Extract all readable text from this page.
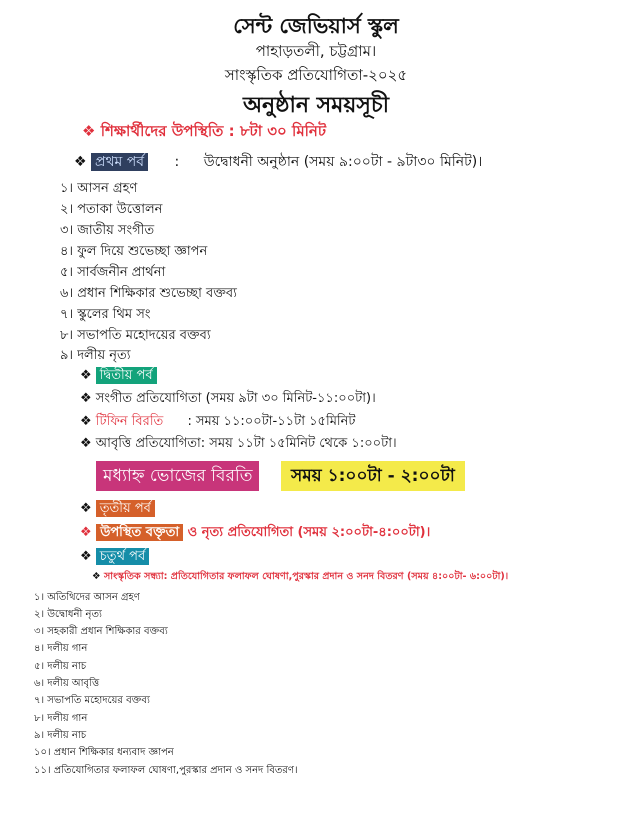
সেন্ট জেভিয়ার্স স্কুল
পাহাড়তলী, চট্টগ্রাম।
সাংস্কৃতিক প্রতিযোগিতা-২০২৫
অনুষ্ঠান সময়সূচী
❖ শিক্ষার্থীদের উপস্থিতি : ৮টা ৩০ মিনিট
❖ প্রথম পর্ব : উদ্বোধনী অনুষ্ঠান (সময় ৯:০০টা - ৯টা৩০ মিনিট)।
১। আসন গ্রহণ
২। পতাকা উত্তোলন
৩। জাতীয় সংগীত
৪। ফুল দিয়ে শুভেচ্ছা জ্ঞাপন
৫। সার্বজনীন প্রার্থনা
৬। প্রধান শিক্ষিকার শুভেচ্ছা বক্তব্য
৭। স্কুলের থিম সং
৮। সভাপতি মহোদয়ের বক্তব্য
৯। দলীয় নৃত্য
❖ দ্বিতীয় পর্ব
❖ সংগীত প্রতিযোগিতা (সময় ৯টা ৩০ মিনিট-১১:০০টা)।
❖ টিফিন বিরতি : সময় ১১:০০টা-১১টা ১৫মিনিট
❖ আবৃত্তি প্রতিযোগিতা: সময় ১১টা ১৫মিনিট থেকে ১:০০টা।
মধ্যাহ্ন ভোজের বিরতি	সময় ১:০০টা - ২:০০টা
❖ তৃতীয় পর্ব
❖ উপস্থিত বক্তৃতা ও নৃত্য প্রতিযোগিতা (সময় ২:০০টা-৪:০০টা)।
❖ চতুর্থ পর্ব
❖ সাংস্কৃতিক সন্ধ্যা: প্রতিযোগিতার ফলাফল ঘোষণা,পুরস্কার প্রদান ও সনদ বিতরণ (সময় ৪:০০টা- ৬:০০টা)।
১। অতিথিদের আসন গ্রহণ
২। উদ্বোধনী নৃত্য
৩। সহকারী প্রধান শিক্ষিকার বক্তব্য
৪। দলীয় গান
৫। দলীয় নাচ
৬। দলীয় আবৃত্তি
৭। সভাপতি মহোদয়ের বক্তব্য
৮। দলীয় গান
৯। দলীয় নাচ
১০। প্রধান শিক্ষিকার ধন্যবাদ জ্ঞাপন
১১। প্রতিযোগিতার ফলাফল ঘোষণা,পুরস্কার প্রদান ও সনদ বিতরণ।
